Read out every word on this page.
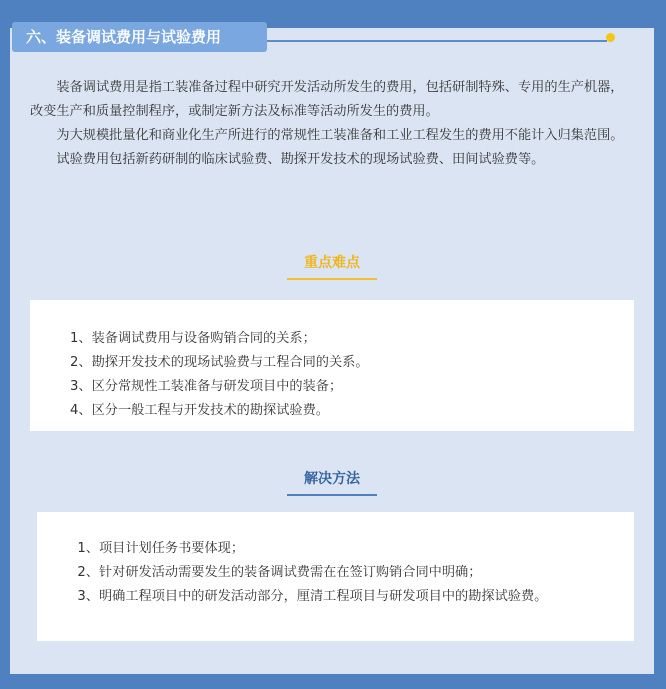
六、装备调试费用与试验费用

装备调试费用是指工装准备过程中研究开发活动所发生的费用，包括研制特殊、专用的生产机器，改变生产和质量控制程序，或制定新方法及标准等活动所发生的费用。

为大规模批量化和商业化生产所进行的常规性工装准备和工业工程发生的费用不能计入归集范围。

试验费用包括新药研制的临床试验费、勘探开发技术的现场试验费、田间试验费等。

重点难点

1、装备调试费用与设备购销合同的关系；

2、勘探开发技术的现场试验费与工程合同的关系。

3、区分常规性工装准备与研发项目中的装备；

4、区分一般工程与开发技术的勘探试验费。

解决方法

1、项目计划任务书要体现；

2、针对研发活动需要发生的装备调试费需在在签订购销合同中明确；

3、明确工程项目中的研发活动部分，厘清工程项目与研发项目中的勘探试验费。
